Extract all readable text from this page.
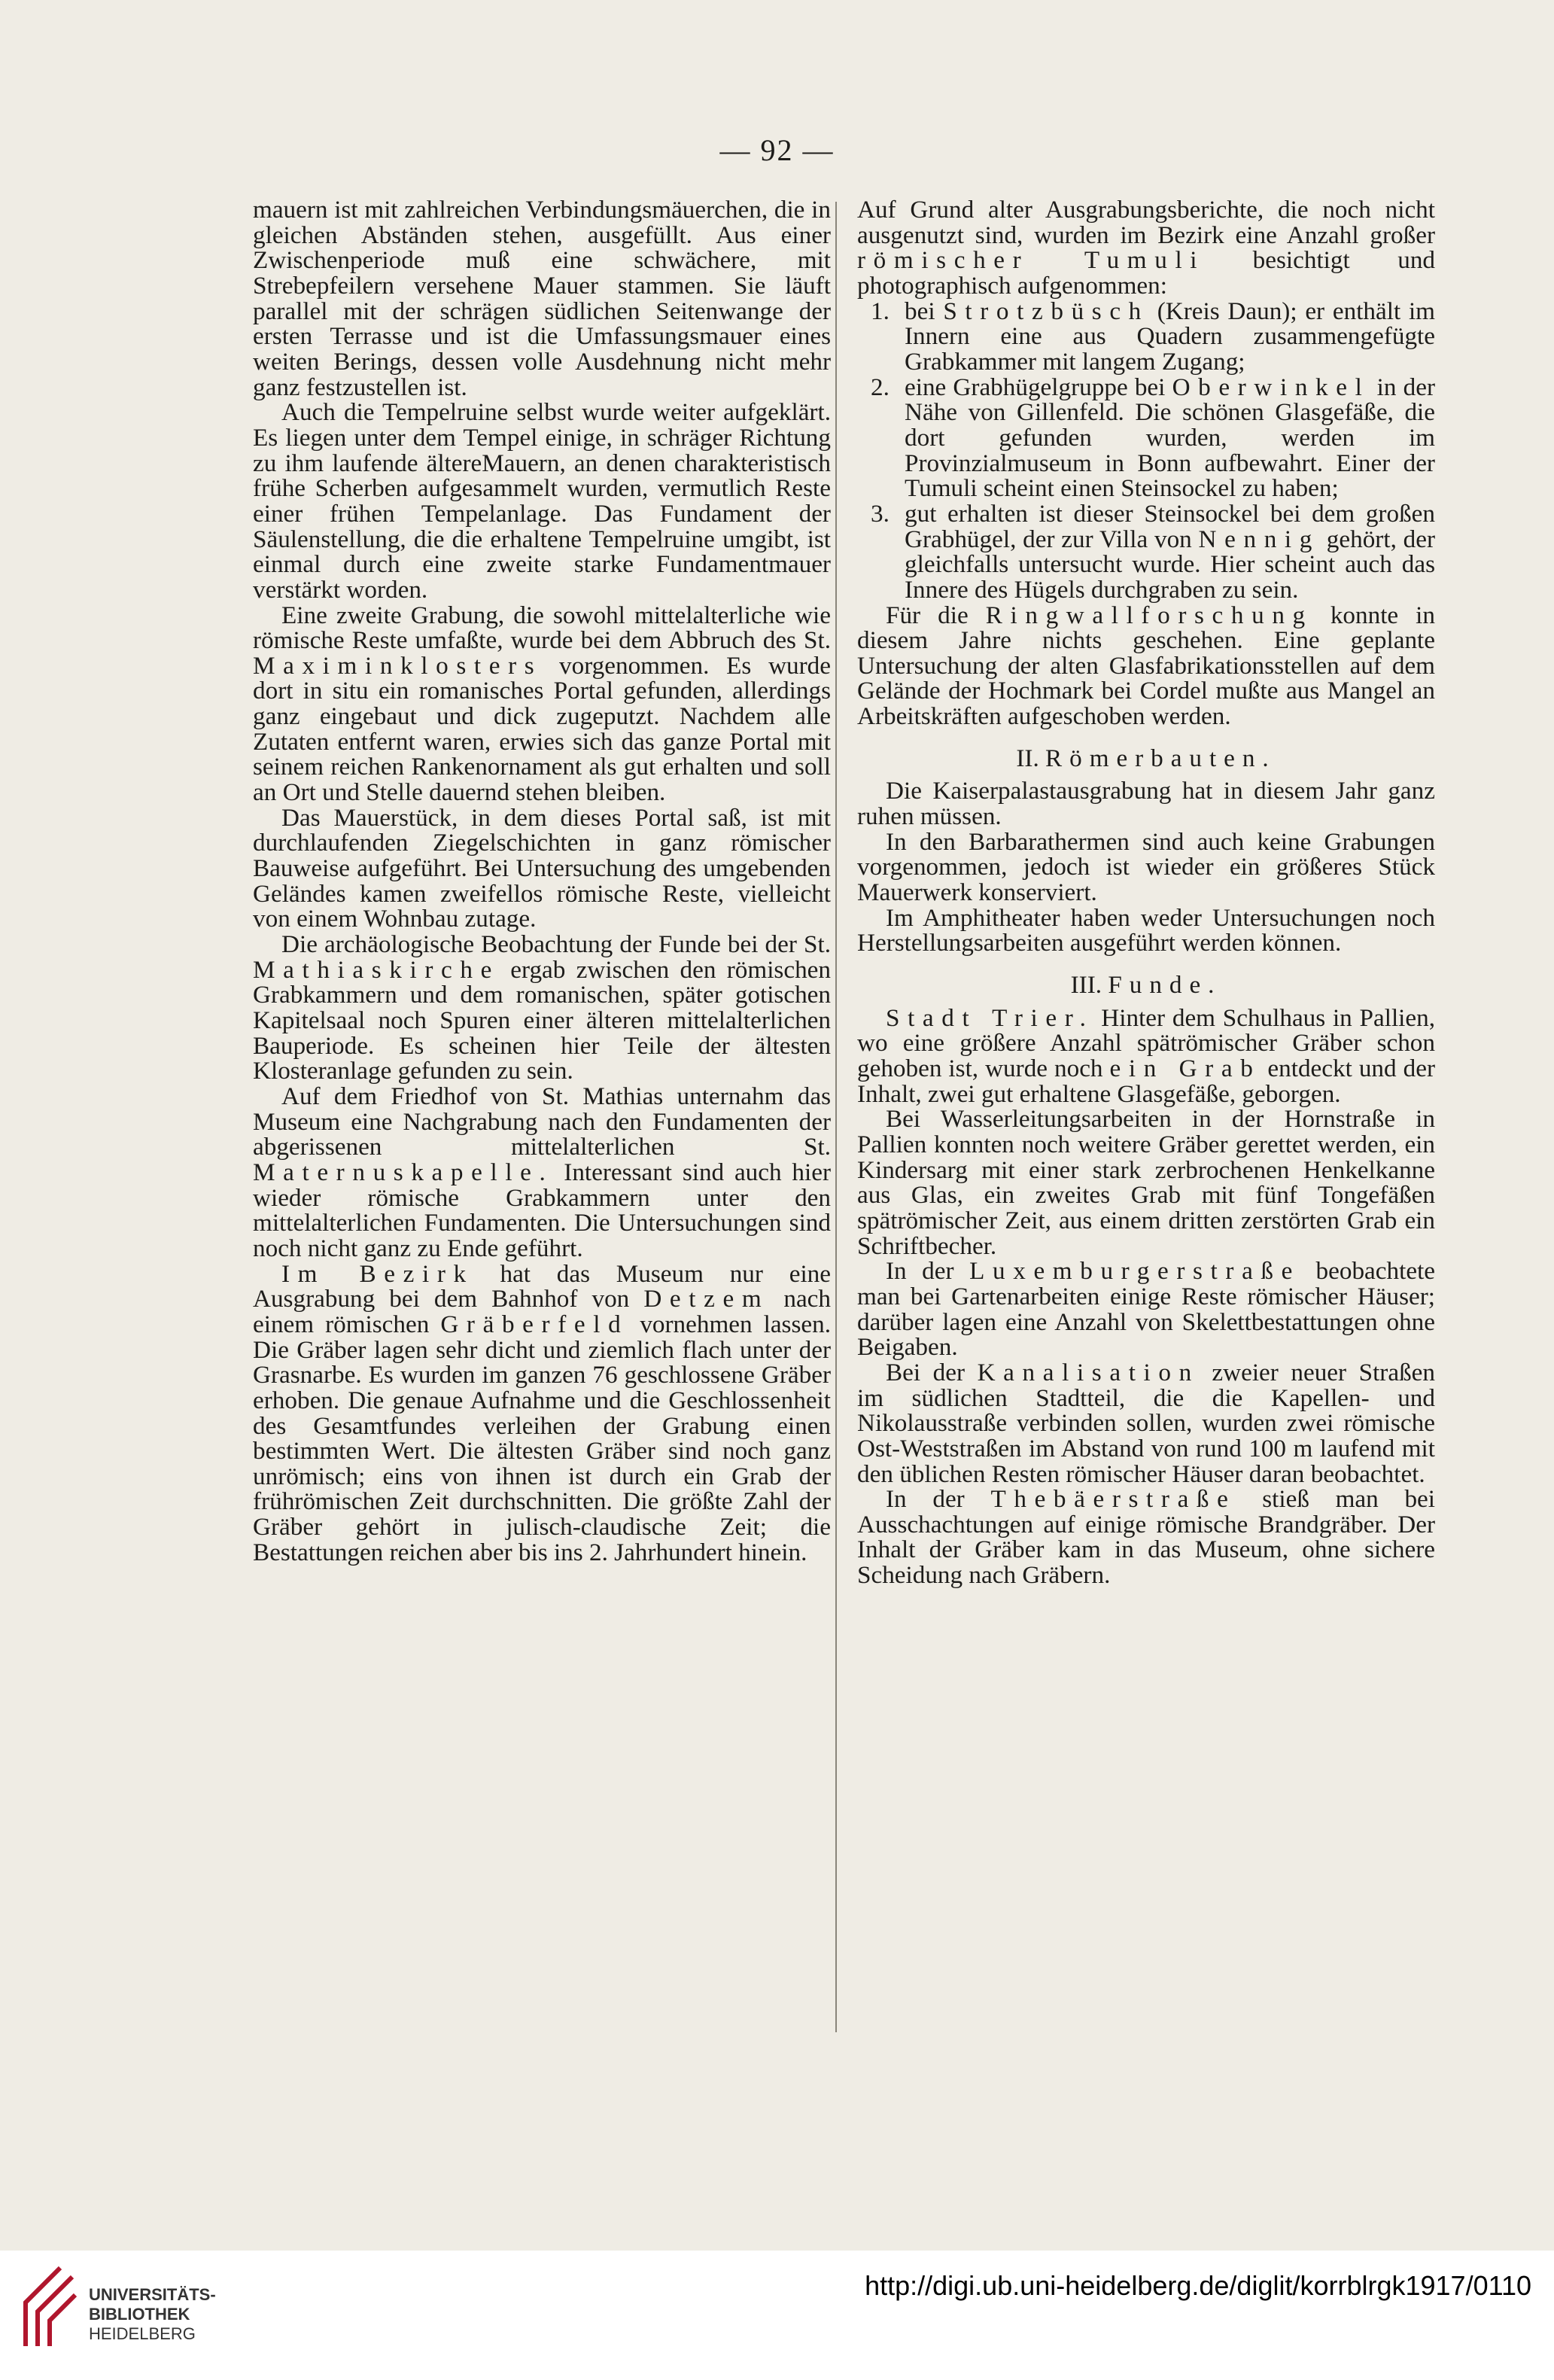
— 92 —

mauern ist mit zahlreichen Verbindungsmäuerchen, die in gleichen Abständen stehen, ausgefüllt. Aus einer Zwischenperiode muß eine schwächere, mit Strebepfeilern versehene Mauer stammen. Sie läuft parallel mit der schrägen südlichen Seitenwange der ersten Terrasse und ist die Umfassungsmauer eines weiten Berings, dessen volle Ausdehnung nicht mehr ganz festzustellen ist.

Auch die Tempelruine selbst wurde weiter aufgeklärt. Es liegen unter dem Tempel einige, in schräger Richtung zu ihm laufende ältereMauern, an denen charakteristisch frühe Scherben aufgesammelt wurden, vermutlich Reste einer frühen Tempelanlage. Das Fundament der Säulenstellung, die die erhaltene Tempelruine umgibt, ist einmal durch eine zweite starke Fundamentmauer verstärkt worden.

Eine zweite Grabung, die sowohl mittelalterliche wie römische Reste umfaßte, wurde bei dem Abbruch des St. Maximinklosters vorgenommen. Es wurde dort in situ ein romanisches Portal gefunden, allerdings ganz eingebaut und dick zugeputzt. Nachdem alle Zutaten entfernt waren, erwies sich das ganze Portal mit seinem reichen Rankenornament als gut erhalten und soll an Ort und Stelle dauernd stehen bleiben.

Das Mauerstück, in dem dieses Portal saß, ist mit durchlaufenden Ziegelschichten in ganz römischer Bauweise aufgeführt. Bei Untersuchung des umgebenden Geländes kamen zweifellos römische Reste, vielleicht von einem Wohnbau zutage.

Die archäologische Beobachtung der Funde bei der St. Mathiaskirche ergab zwischen den römischen Grabkammern und dem romanischen, später gotischen Kapitelsaal noch Spuren einer älteren mittelalterlichen Bauperiode. Es scheinen hier Teile der ältesten Klosteranlage gefunden zu sein.

Auf dem Friedhof von St. Mathias unternahm das Museum eine Nachgrabung nach den Fundamenten der abgerissenen mittelalterlichen St. Maternuskapelle. Interessant sind auch hier wieder römische Grabkammern unter den mittelalterlichen Fundamenten. Die Untersuchungen sind noch nicht ganz zu Ende geführt.

Im Bezirk hat das Museum nur eine Ausgrabung bei dem Bahnhof von Detzem nach einem römischen Gräberfeld vornehmen lassen. Die Gräber lagen sehr dicht und ziemlich flach unter der Grasnarbe. Es wurden im ganzen 76 geschlossene Gräber erhoben. Die genaue Aufnahme und die Geschlossenheit des Gesamtfundes verleihen der Grabung einen bestimmten Wert. Die ältesten Gräber sind noch ganz unrömisch; eins von ihnen ist durch ein Grab der frührömischen Zeit durchschnitten. Die größte Zahl der Gräber gehört in julisch-claudische Zeit; die Bestattungen reichen aber bis ins 2. Jahrhundert hinein.

Auf Grund alter Ausgrabungsberichte, die noch nicht ausgenutzt sind, wurden im Bezirk eine Anzahl großer römischer Tumuli besichtigt und photographisch aufgenommen:

1. bei Strotzbüsch (Kreis Daun); er enthält im Innern eine aus Quadern zusammengefügte Grabkammer mit langem Zugang;
2. eine Grabhügelgruppe bei Oberwinkel in der Nähe von Gillenfeld. Die schönen Glasgefäße, die dort gefunden wurden, werden im Provinzialmuseum in Bonn aufbewahrt. Einer der Tumuli scheint einen Steinsockel zu haben;
3. gut erhalten ist dieser Steinsockel bei dem großen Grabhügel, der zur Villa von Nennig gehört, der gleichfalls untersucht wurde. Hier scheint auch das Innere des Hügels durchgraben zu sein.

Für die Ringwallforschung konnte in diesem Jahre nichts geschehen. Eine geplante Untersuchung der alten Glasfabrikationsstellen auf dem Gelände der Hochmark bei Cordel mußte aus Mangel an Arbeitskräften aufgeschoben werden.

II. Römerbauten.

Die Kaiserpalastausgrabung hat in diesem Jahr ganz ruhen müssen.

In den Barbarathermen sind auch keine Grabungen vorgenommen, jedoch ist wieder ein größeres Stück Mauerwerk konserviert.

Im Amphitheater haben weder Untersuchungen noch Herstellungsarbeiten ausgeführt werden können.

III. Funde.

Stadt Trier. Hinter dem Schulhaus in Pallien, wo eine größere Anzahl spätrömischer Gräber schon gehoben ist, wurde noch ein Grab entdeckt und der Inhalt, zwei gut erhaltene Glasgefäße, geborgen.

Bei Wasserleitungsarbeiten in der Hornstraße in Pallien konnten noch weitere Gräber gerettet werden, ein Kindersarg mit einer stark zerbrochenen Henkelkanne aus Glas, ein zweites Grab mit fünf Tongefäßen spätrömischer Zeit, aus einem dritten zerstörten Grab ein Schriftbecher.

In der Luxemburgerstraße beobachtete man bei Gartenarbeiten einige Reste römischer Häuser; darüber lagen eine Anzahl von Skelettbestattungen ohne Beigaben.

Bei der Kanalisation zweier neuer Straßen im südlichen Stadtteil, die die Kapellen- und Nikolausstraße verbinden sollen, wurden zwei römische Ost-Weststraßen im Abstand von rund 100 m laufend mit den üblichen Resten römischer Häuser daran beobachtet.

In der Thebäerstraße stieß man bei Ausschachtungen auf einige römische Brandgräber. Der Inhalt der Gräber kam in das Museum, ohne sichere Scheidung nach Gräbern.

UNIVERSITÄTS-
BIBLIOTHEK
HEIDELBERG
http://digi.ub.uni-heidelberg.de/diglit/korrblrgk1917/0110
